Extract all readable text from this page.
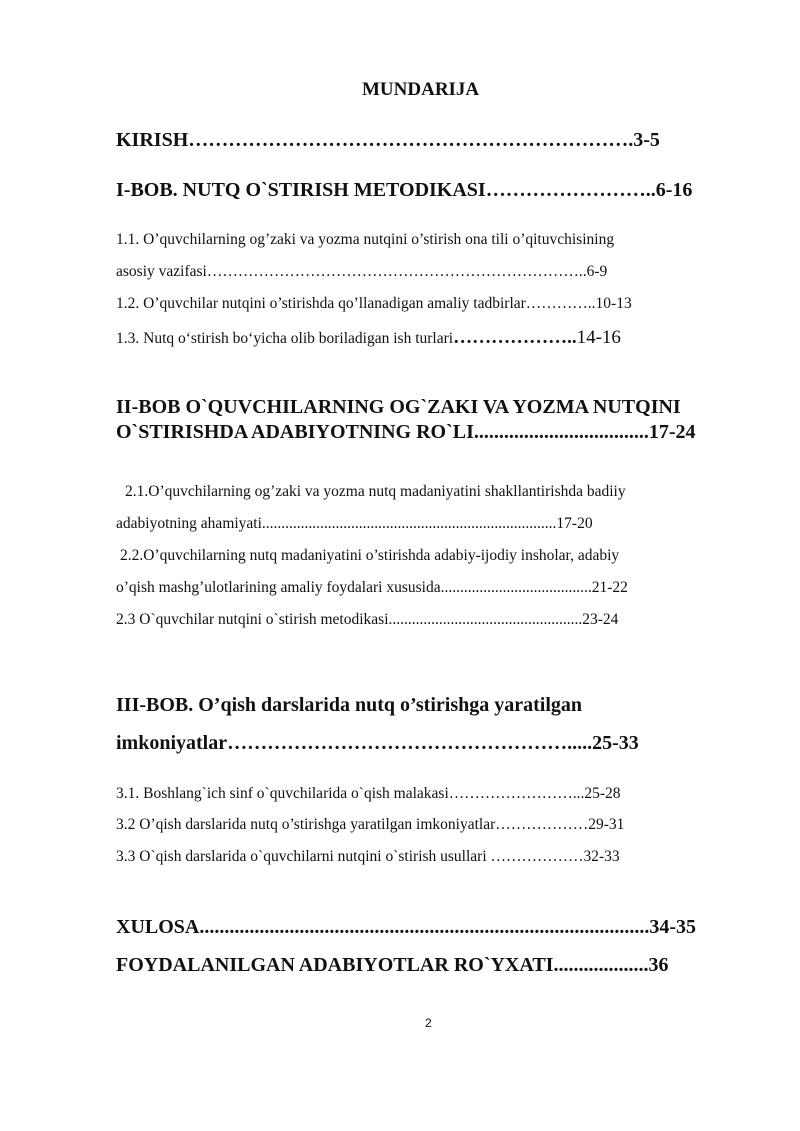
MUNDARIJA
KIRISH………………………………………………………….3-5
I-BOB. NUTQ O`STIRISH METODIKASI……………………..6-16
1.1. O’quvchilarning og’zaki va yozma nutqini o’stirish ona tili o’qituvchisining
asosiy vazifasi………………………………………………………………..6-9
1.2. O’quvchilar nutqini o’stirishda qo’llanadigan amaliy tadbirlar…………..10-13
1.3. Nutq o‘stirish bo‘yicha olib boriladigan ish turlari………………..14-16
II-BOB O`QUVCHILARNING OG`ZAKI VA YOZMA NUTQINI
O`STIRISHDA ADABIYOTNING RO`LI...................................17-24
2.1.O’quvchilarning og’zaki va yozma nutq madaniyatini shakllantirishda badiiy
adabiyotning ahamiyati............................................................................17-20
2.2.O’quvchilarning nutq madaniyatini o’stirishda adabiy-ijodiy insholar, adabiy
o’qish mashg’ulotlarining amaliy foydalari xususida.......................................21-22
2.3 O`quvchilar nutqini o`stirish metodikasi..................................................23-24
III-BOB. O’qish darslarida nutq o’stirishga yaratilgan
imkoniyatlar…………………………………………….....25-33
3.1. Boshlang`ich sinf o`quvchilarida o`qish malakasi……………………...25-28
3.2 O’qish darslarida nutq o’stirishga yaratilgan imkoniyatlar………………29-31
3.3 O`qish darslarida o`quvchilarni nutqini o`stirish usullari ………………32-33
XULOSA..........................................................................................34-35
FOYDALANILGAN ADABIYOTLAR RO`YXATI...................36
2
